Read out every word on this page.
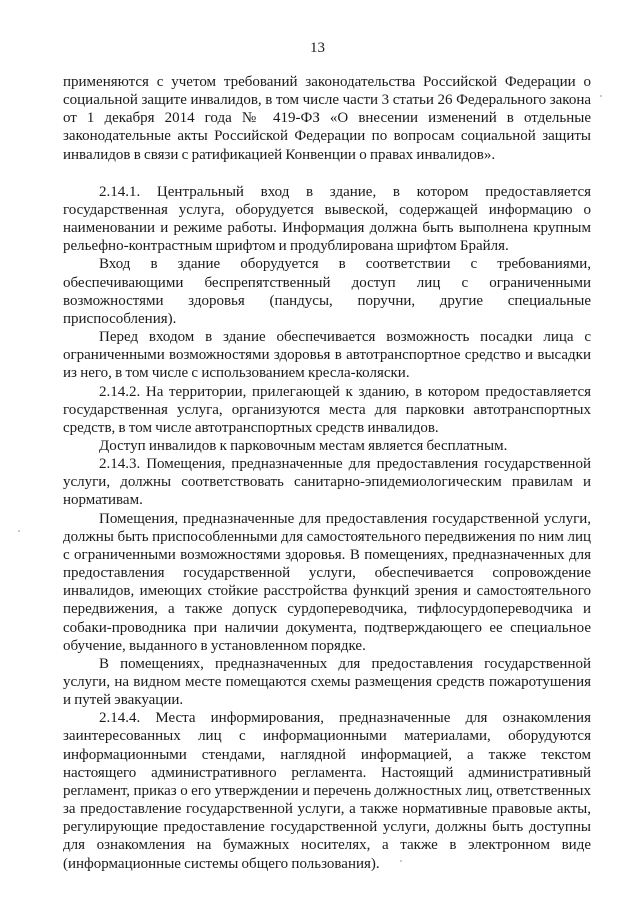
13

применяются с учетом требований законодательства Российской Федерации о социальной защите инвалидов, в том числе части 3 статьи 26 Федерального закона от 1 декабря 2014 года № 419-ФЗ «О внесении изменений в отдельные законодательные акты Российской Федерации по вопросам социальной защиты инвалидов в связи с ратификацией Конвенции о правах инвалидов».

2.14.1. Центральный вход в здание, в котором предоставляется государственная услуга, оборудуется вывеской, содержащей информацию о наименовании и режиме работы. Информация должна быть выполнена крупным рельефно-контрастным шрифтом и продублирована шрифтом Брайля.

Вход в здание оборудуется в соответствии с требованиями, обеспечивающими беспрепятственный доступ лиц с ограниченными возможностями здоровья (пандусы, поручни, другие специальные приспособления).

Перед входом в здание обеспечивается возможность посадки лица с ограниченными возможностями здоровья в автотранспортное средство и высадки из него, в том числе с использованием кресла-коляски.

2.14.2. На территории, прилегающей к зданию, в котором предоставляется государственная услуга, организуются места для парковки автотранспортных средств, в том числе автотранспортных средств инвалидов.

Доступ инвалидов к парковочным местам является бесплатным.

2.14.3. Помещения, предназначенные для предоставления государственной услуги, должны соответствовать санитарно-эпидемиологическим правилам и нормативам.

Помещения, предназначенные для предоставления государственной услуги, должны быть приспособленными для самостоятельного передвижения по ним лиц с ограниченными возможностями здоровья. В помещениях, предназначенных для предоставления государственной услуги, обеспечивается сопровождение инвалидов, имеющих стойкие расстройства функций зрения и самостоятельного передвижения, а также допуск сурдопереводчика, тифлосурдопереводчика и собаки-проводника при наличии документа, подтверждающего ее специальное обучение, выданного в установленном порядке.

В помещениях, предназначенных для предоставления государственной услуги, на видном месте помещаются схемы размещения средств пожаротушения и путей эвакуации.

2.14.4. Места информирования, предназначенные для ознакомления заинтересованных лиц с информационными материалами, оборудуются информационными стендами, наглядной информацией, а также текстом настоящего административного регламента. Настоящий административный регламент, приказ о его утверждении и перечень должностных лиц, ответственных за предоставление государственной услуги, а также нормативные правовые акты, регулирующие предоставление государственной услуги, должны быть доступны для ознакомления на бумажных носителях, а также в электронном виде (информационные системы общего пользования).
